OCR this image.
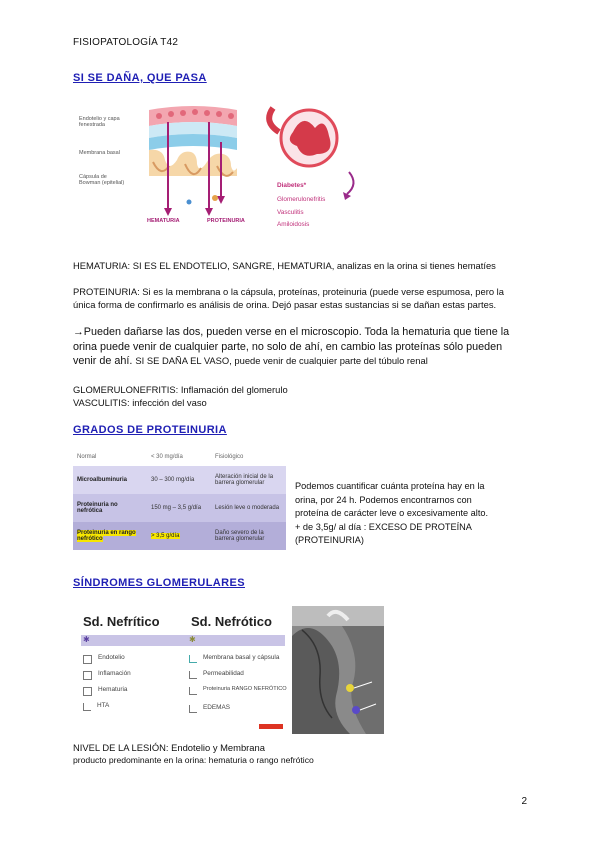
FISIOPATOLOGÍA T42
SI SE DAÑA, QUE PASA
Endotelio y capa fenestrada
Membrana basal
Cápsula de Bowman (epitelial)
HEMATURIA	PROTEINURIA
Diabetes*
Glomerulonefritis
Vasculitis
Amiloidosis
HEMATURIA: SI ES EL ENDOTELIO, SANGRE, HEMATURIA, analizas en la orina si tienes hematíes
PROTEINURIA: Si es la membrana o la cápsula, proteínas, proteinuria (puede verse espumosa, pero la única forma de confirmarlo es análisis de orina. Dejó pasar estas sustancias si se dañan estas partes.
→Pueden dañarse las dos, pueden verse en el microscopio. Toda la hematuria que tiene la orina puede venir de cualquier parte, no solo de ahí, en cambio las proteínas sólo pueden venir de ahí. SI SE DAÑA EL VASO, puede venir de cualquier parte del túbulo renal
GLOMERULONEFRITIS: Inflamación del glomerulo
VASCULITIS: infección del vaso
GRADOS DE PROTEINURIA
Normal	< 30 mg/día	Fisiológico
Microalbuminuria	30 – 300 mg/día	Alteración inicial de la barrera glomerular
Proteinuria no nefrótica	150 mg – 3,5 g/día	Lesión leve o moderada
Proteinuria en rango nefrótico	> 3,5 g/día	Daño severo de la barrera glomerular
Podemos cuantificar cuánta proteína hay en la
orina, por 24 h. Podemos encontrarnos con
proteína de carácter leve o excesivamente alto.
+ de 3,5g/ al día : EXCESO DE PROTEÍNA
(PROTEINURIA)
SÍNDROMES GLOMERULARES
Sd. Nefrítico Sd. Nefrótico
✱	✱
Endotelio
Inflamación
Hematuria
HTA
Membrana basal y cápsula
Permeabilidad
Proteinuria RANGO NEFRÓTICO
EDEMAS
NIVEL DE LA LESIÓN: Endotelio y Membrana
producto predominante en la orina: hematuria o rango nefrótico
2
